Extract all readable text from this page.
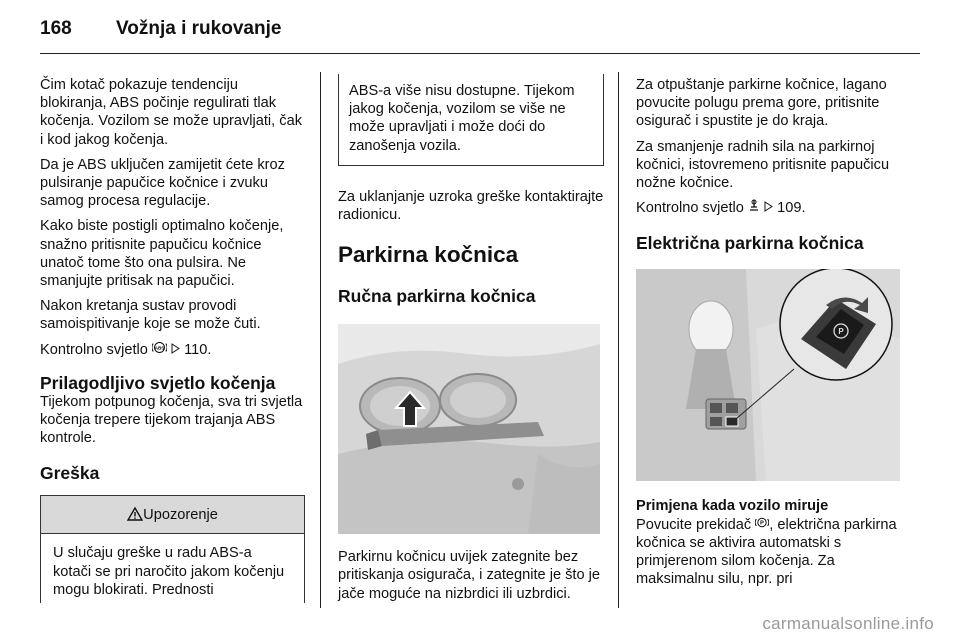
168 Vožnja i rukovanje

Čim kotač pokazuje tendenciju blokiranja, ABS počinje regulirati tlak kočenja. Vozilom se može upravljati, čak i kod jakog kočenja.

Da je ABS uključen zamijetit ćete kroz pulsiranje papučice kočnice i zvuku samog procesa regulacije.

Kako biste postigli optimalno kočenje, snažno pritisnite papučicu kočnice unatoč tome što ona pulsira. Ne smanjujte pritisak na papučici.

Nakon kretanja sustav provodi samoispitivanje koje se može čuti.

Kontrolno svjetlo ABS 110.

Prilagodljivo svjetlo kočenja

Tijekom potpunog kočenja, sva tri svjetla kočenja trepere tijekom trajanja ABS kontrole.

Greška
Upozorenje
U slučaju greške u radu ABS-a kotači se pri naročito jakom kočenju mogu blokirati. Prednosti
ABS-a više nisu dostupne. Tijekom jakog kočenja, vozilom se više ne može upravljati i može doći do zanošenja vozila.

Za uklanjanje uzroka greške kontaktirajte radionicu.

Parkirna kočnica
Ručna parkirna kočnica

Parkirnu kočnicu uvijek zategnite bez pritiskanja osigurača, i zategnite je što je jače moguće na nizbrdici ili uzbrdici.

Za otpuštanje parkirne kočnice, lagano povucite polugu prema gore, pritisnite osigurač i spustite je do kraja.

Za smanjenje radnih sila na parkirnoj kočnici, istovremeno pritisnite papučicu nožne kočnice.

Kontrolno svjetlo 109.

Električna parkirna kočnica
P
Primjena kada vozilo miruje

Povucite prekidač P , električna parkirna kočnica se aktivira automatski s primjerenom silom kočenja. Za maksimalnu silu, npr. pri

carmanualsonline.info
